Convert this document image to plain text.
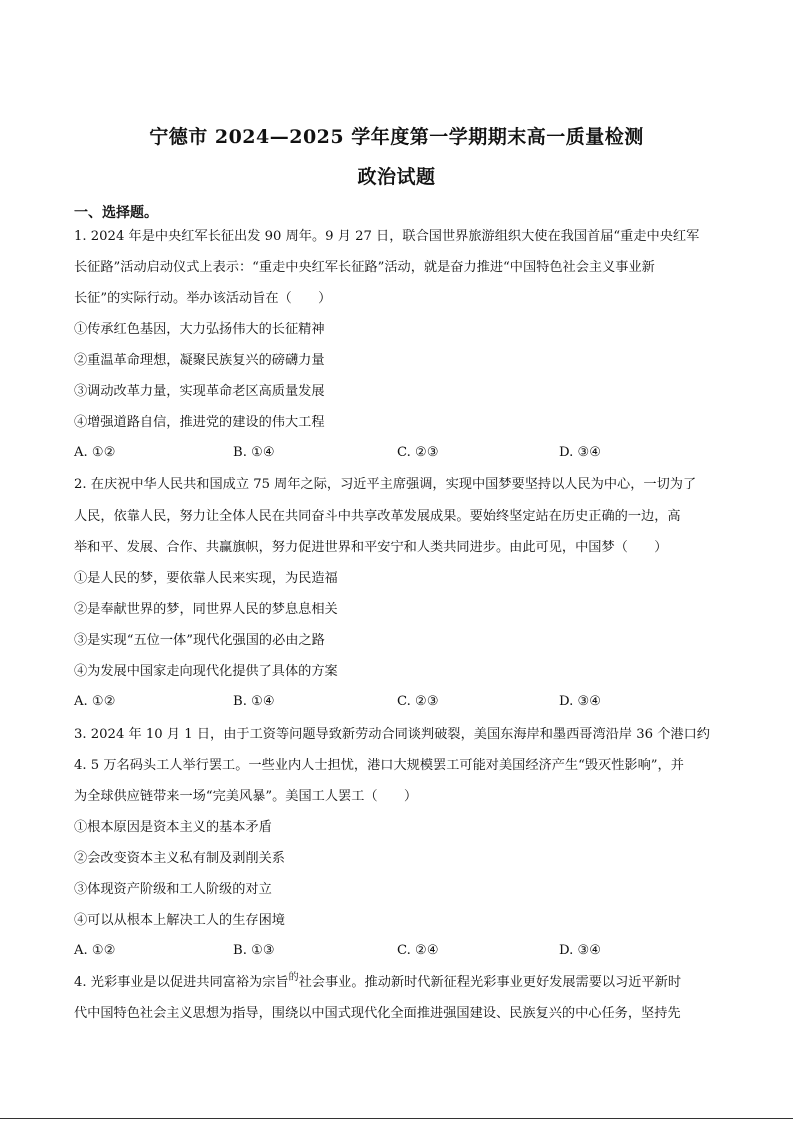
宁德市 2024—2025 学年度第一学期期末高一质量检测
政治试题
一、选择题。
1. 2024 年是中央红军长征出发 90 周年。9 月 27 日，联合国世界旅游组织大使在我国首届“重走中央红军
长征路”活动启动仪式上表示：“重走中央红军长征路”活动，就是奋力推进“中国特色社会主义事业新
长征”的实际行动。举办该活动旨在（　　）
①传承红色基因，大力弘扬伟大的长征精神
②重温革命理想，凝聚民族复兴的磅礴力量
③调动改革力量，实现革命老区高质量发展
④增强道路自信，推进党的建设的伟大工程
A. ①②	B. ①④	C. ②③	D. ③④
2. 在庆祝中华人民共和国成立 75 周年之际，习近平主席强调，实现中国梦要坚持以人民为中心，一切为了
人民，依靠人民，努力让全体人民在共同奋斗中共享改革发展成果。要始终坚定站在历史正确的一边，高
举和平、发展、合作、共赢旗帜，努力促进世界和平安宁和人类共同进步。由此可见，中国梦（　　）
①是人民的梦，要依靠人民来实现，为民造福
②是奉献世界的梦，同世界人民的梦息息相关
③是实现“五位一体”现代化强国的必由之路
④为发展中国家走向现代化提供了具体的方案
A. ①②	B. ①④	C. ②③	D. ③④
3. 2024 年 10 月 1 日，由于工资等问题导致新劳动合同谈判破裂，美国东海岸和墨西哥湾沿岸 36 个港口约
4. 5 万名码头工人举行罢工。一些业内人士担忧，港口大规模罢工可能对美国经济产生“毁灭性影响”，并
为全球供应链带来一场“完美风暴”。美国工人罢工（　　）
①根本原因是资本主义的基本矛盾
②会改变资本主义私有制及剥削关系
③体现资产阶级和工人阶级的对立
④可以从根本上解决工人的生存困境
A. ①②	B. ①③	C. ②④	D. ③④
4. 光彩事业是以促进共同富裕为宗旨$^的$社会事业。推动新时代新征程光彩事业更好发展需要以习近平新时
代中国特色社会主义思想为指导，围绕以中国式现代化全面推进强国建设、民族复兴的中心任务，坚持先
